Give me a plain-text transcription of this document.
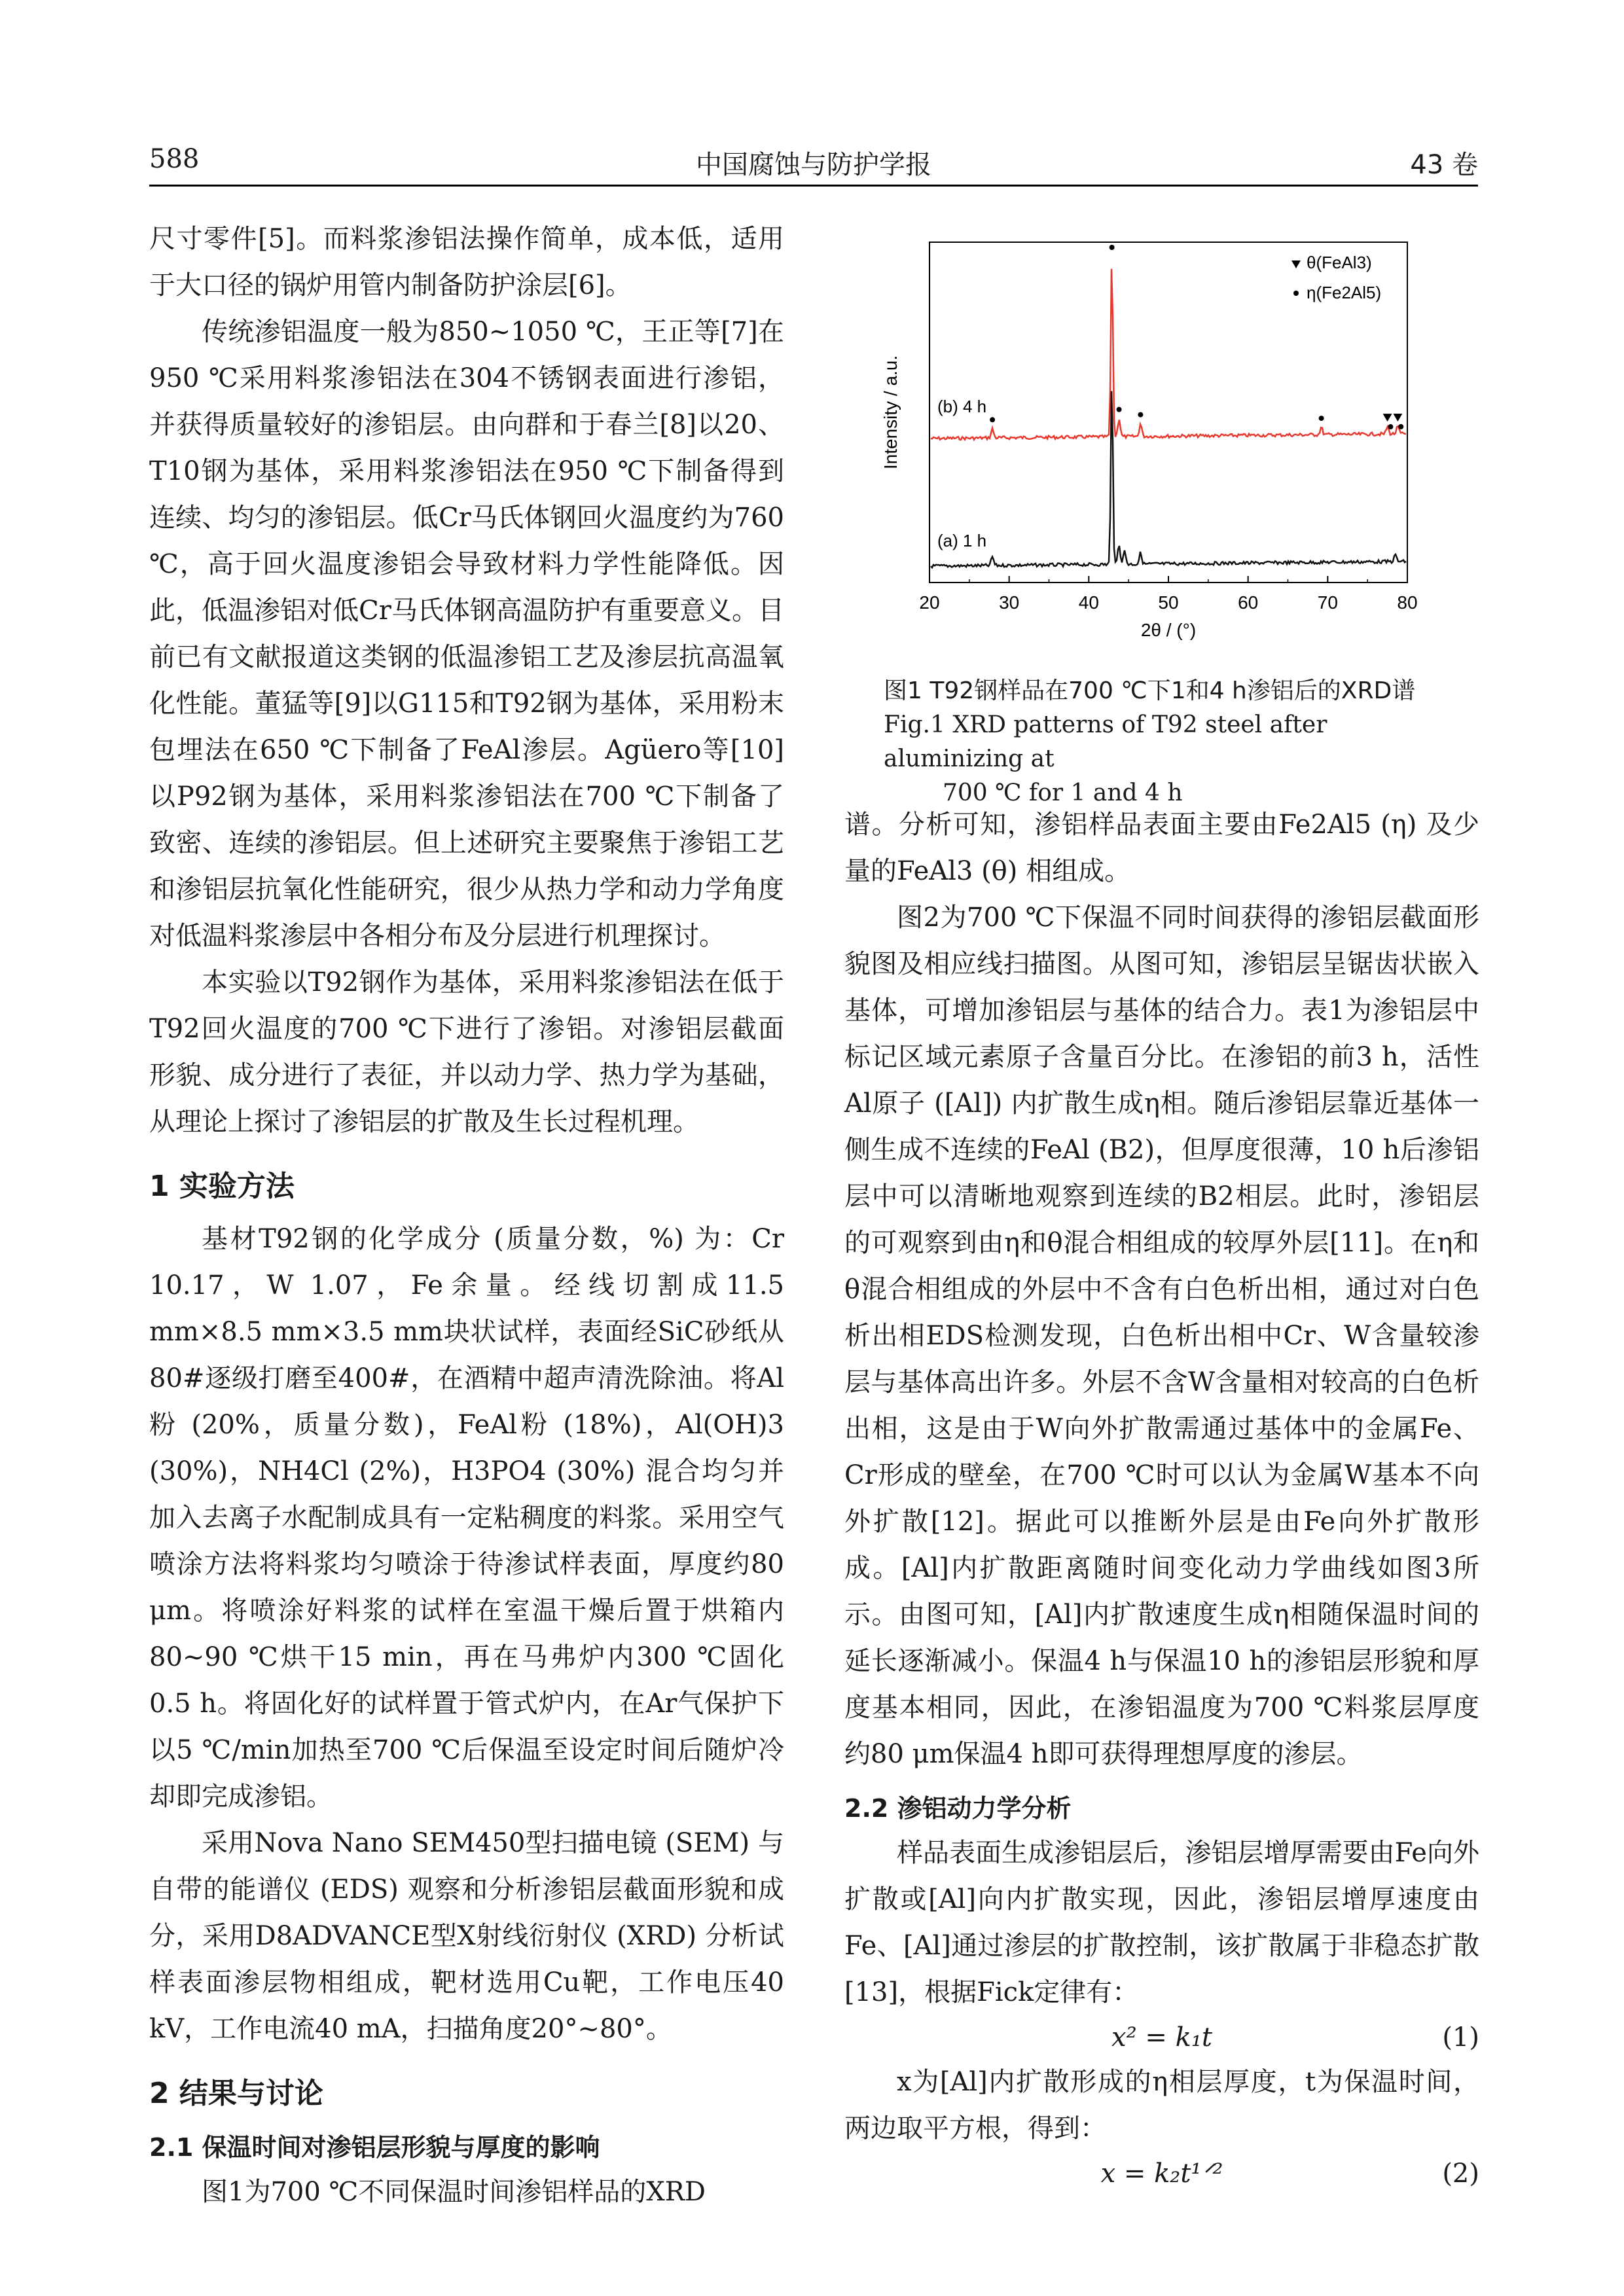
588	中国腐蚀与防护学报	43 卷

尺寸零件[5]。而料浆渗铝法操作简单，成本低，适用于大口径的锅炉用管内制备防护涂层[6]。

传统渗铝温度一般为850~1050 ℃，王正等[7]在950 ℃采用料浆渗铝法在304不锈钢表面进行渗铝，并获得质量较好的渗铝层。由向群和于春兰[8]以20、T10钢为基体，采用料浆渗铝法在950 ℃下制备得到连续、均匀的渗铝层。低Cr马氏体钢回火温度约为760 ℃，高于回火温度渗铝会导致材料力学性能降低。因此，低温渗铝对低Cr马氏体钢高温防护有重要意义。目前已有文献报道这类钢的低温渗铝工艺及渗层抗高温氧化性能。董猛等[9]以G115和T92钢为基体，采用粉末包埋法在650 ℃下制备了FeAl渗层。Agüero等[10]以P92钢为基体，采用料浆渗铝法在700 ℃下制备了致密、连续的渗铝层。但上述研究主要聚焦于渗铝工艺和渗铝层抗氧化性能研究，很少从热力学和动力学角度对低温料浆渗层中各相分布及分层进行机理探讨。

本实验以T92钢作为基体，采用料浆渗铝法在低于T92回火温度的700 ℃下进行了渗铝。对渗铝层截面形貌、成分进行了表征，并以动力学、热力学为基础，从理论上探讨了渗铝层的扩散及生长过程机理。

1 实验方法

基材T92钢的化学成分 (质量分数，%) 为：Cr 10.17，W 1.07，Fe余量。经线切割成11.5 mm×8.5 mm×3.5 mm块状试样，表面经SiC砂纸从80#逐级打磨至400#，在酒精中超声清洗除油。将Al粉 (20%，质量分数)，FeAl粉 (18%)，Al(OH)3 (30%)，NH4Cl (2%)，H3PO4 (30%) 混合均匀并加入去离子水配制成具有一定粘稠度的料浆。采用空气喷涂方法将料浆均匀喷涂于待渗试样表面，厚度约80 μm。将喷涂好料浆的试样在室温干燥后置于烘箱内80~90 ℃烘干15 min，再在马弗炉内300 ℃固化0.5 h。将固化好的试样置于管式炉内，在Ar气保护下以5 ℃/min加热至700 ℃后保温至设定时间后随炉冷却即完成渗铝。

采用Nova Nano SEM450型扫描电镜 (SEM) 与自带的能谱仪 (EDS) 观察和分析渗铝层截面形貌和成分，采用D8ADVANCE型X射线衍射仪 (XRD) 分析试样表面渗层物相组成，靶材选用Cu靶，工作电压40 kV，工作电流40 mA，扫描角度20°~80°。

2 结果与讨论
2.1 保温时间对渗铝层形貌与厚度的影响

图1为700 ℃不同保温时间渗铝样品的XRD

20	30	40	50	60	70	80
2θ / (°)
Intensity / a.u. (b) 4 h
(a) 1 h
θ(FeAl3)
η(Fe2Al5)
图1 T92钢样品在700 ℃下1和4 h渗铝后的XRD谱
Fig.1 XRD patterns of T92 steel after aluminizing at
700 ℃ for 1 and 4 h

谱。分析可知，渗铝样品表面主要由Fe2Al5 (η) 及少量的FeAl3 (θ) 相组成。

图2为700 ℃下保温不同时间获得的渗铝层截面形貌图及相应线扫描图。从图可知，渗铝层呈锯齿状嵌入基体，可增加渗铝层与基体的结合力。表1为渗铝层中标记区域元素原子含量百分比。在渗铝的前3 h，活性Al原子 ([Al]) 内扩散生成η相。随后渗铝层靠近基体一侧生成不连续的FeAl (B2)，但厚度很薄，10 h后渗铝层中可以清晰地观察到连续的B2相层。此时，渗铝层的可观察到由η和θ混合相组成的较厚外层[11]。在η和θ混合相组成的外层中不含有白色析出相，通过对白色析出相EDS检测发现，白色析出相中Cr、W含量较渗层与基体高出许多。外层不含W含量相对较高的白色析出相，这是由于W向外扩散需通过基体中的金属Fe、Cr形成的壁垒，在700 ℃时可以认为金属W基本不向外扩散[12]。据此可以推断外层是由Fe向外扩散形成。[Al]内扩散距离随时间变化动力学曲线如图3所示。由图可知，[Al]内扩散速度生成η相随保温时间的延长逐渐减小。保温4 h与保温10 h的渗铝层形貌和厚度基本相同，因此，在渗铝温度为700 ℃料浆层厚度约80 μm保温4 h即可获得理想厚度的渗层。

2.2 渗铝动力学分析

样品表面生成渗铝层后，渗铝层增厚需要由Fe向外扩散或[Al]向内扩散实现，因此，渗铝层增厚速度由Fe、[Al]通过渗层的扩散控制，该扩散属于非稳态扩散[13]，根据Fick定律有：

x² = k₁t	(1)

x为[Al]内扩散形成的η相层厚度，t为保温时间，两边取平方根，得到：

x = k₂t¹ᐟ²	(2)
